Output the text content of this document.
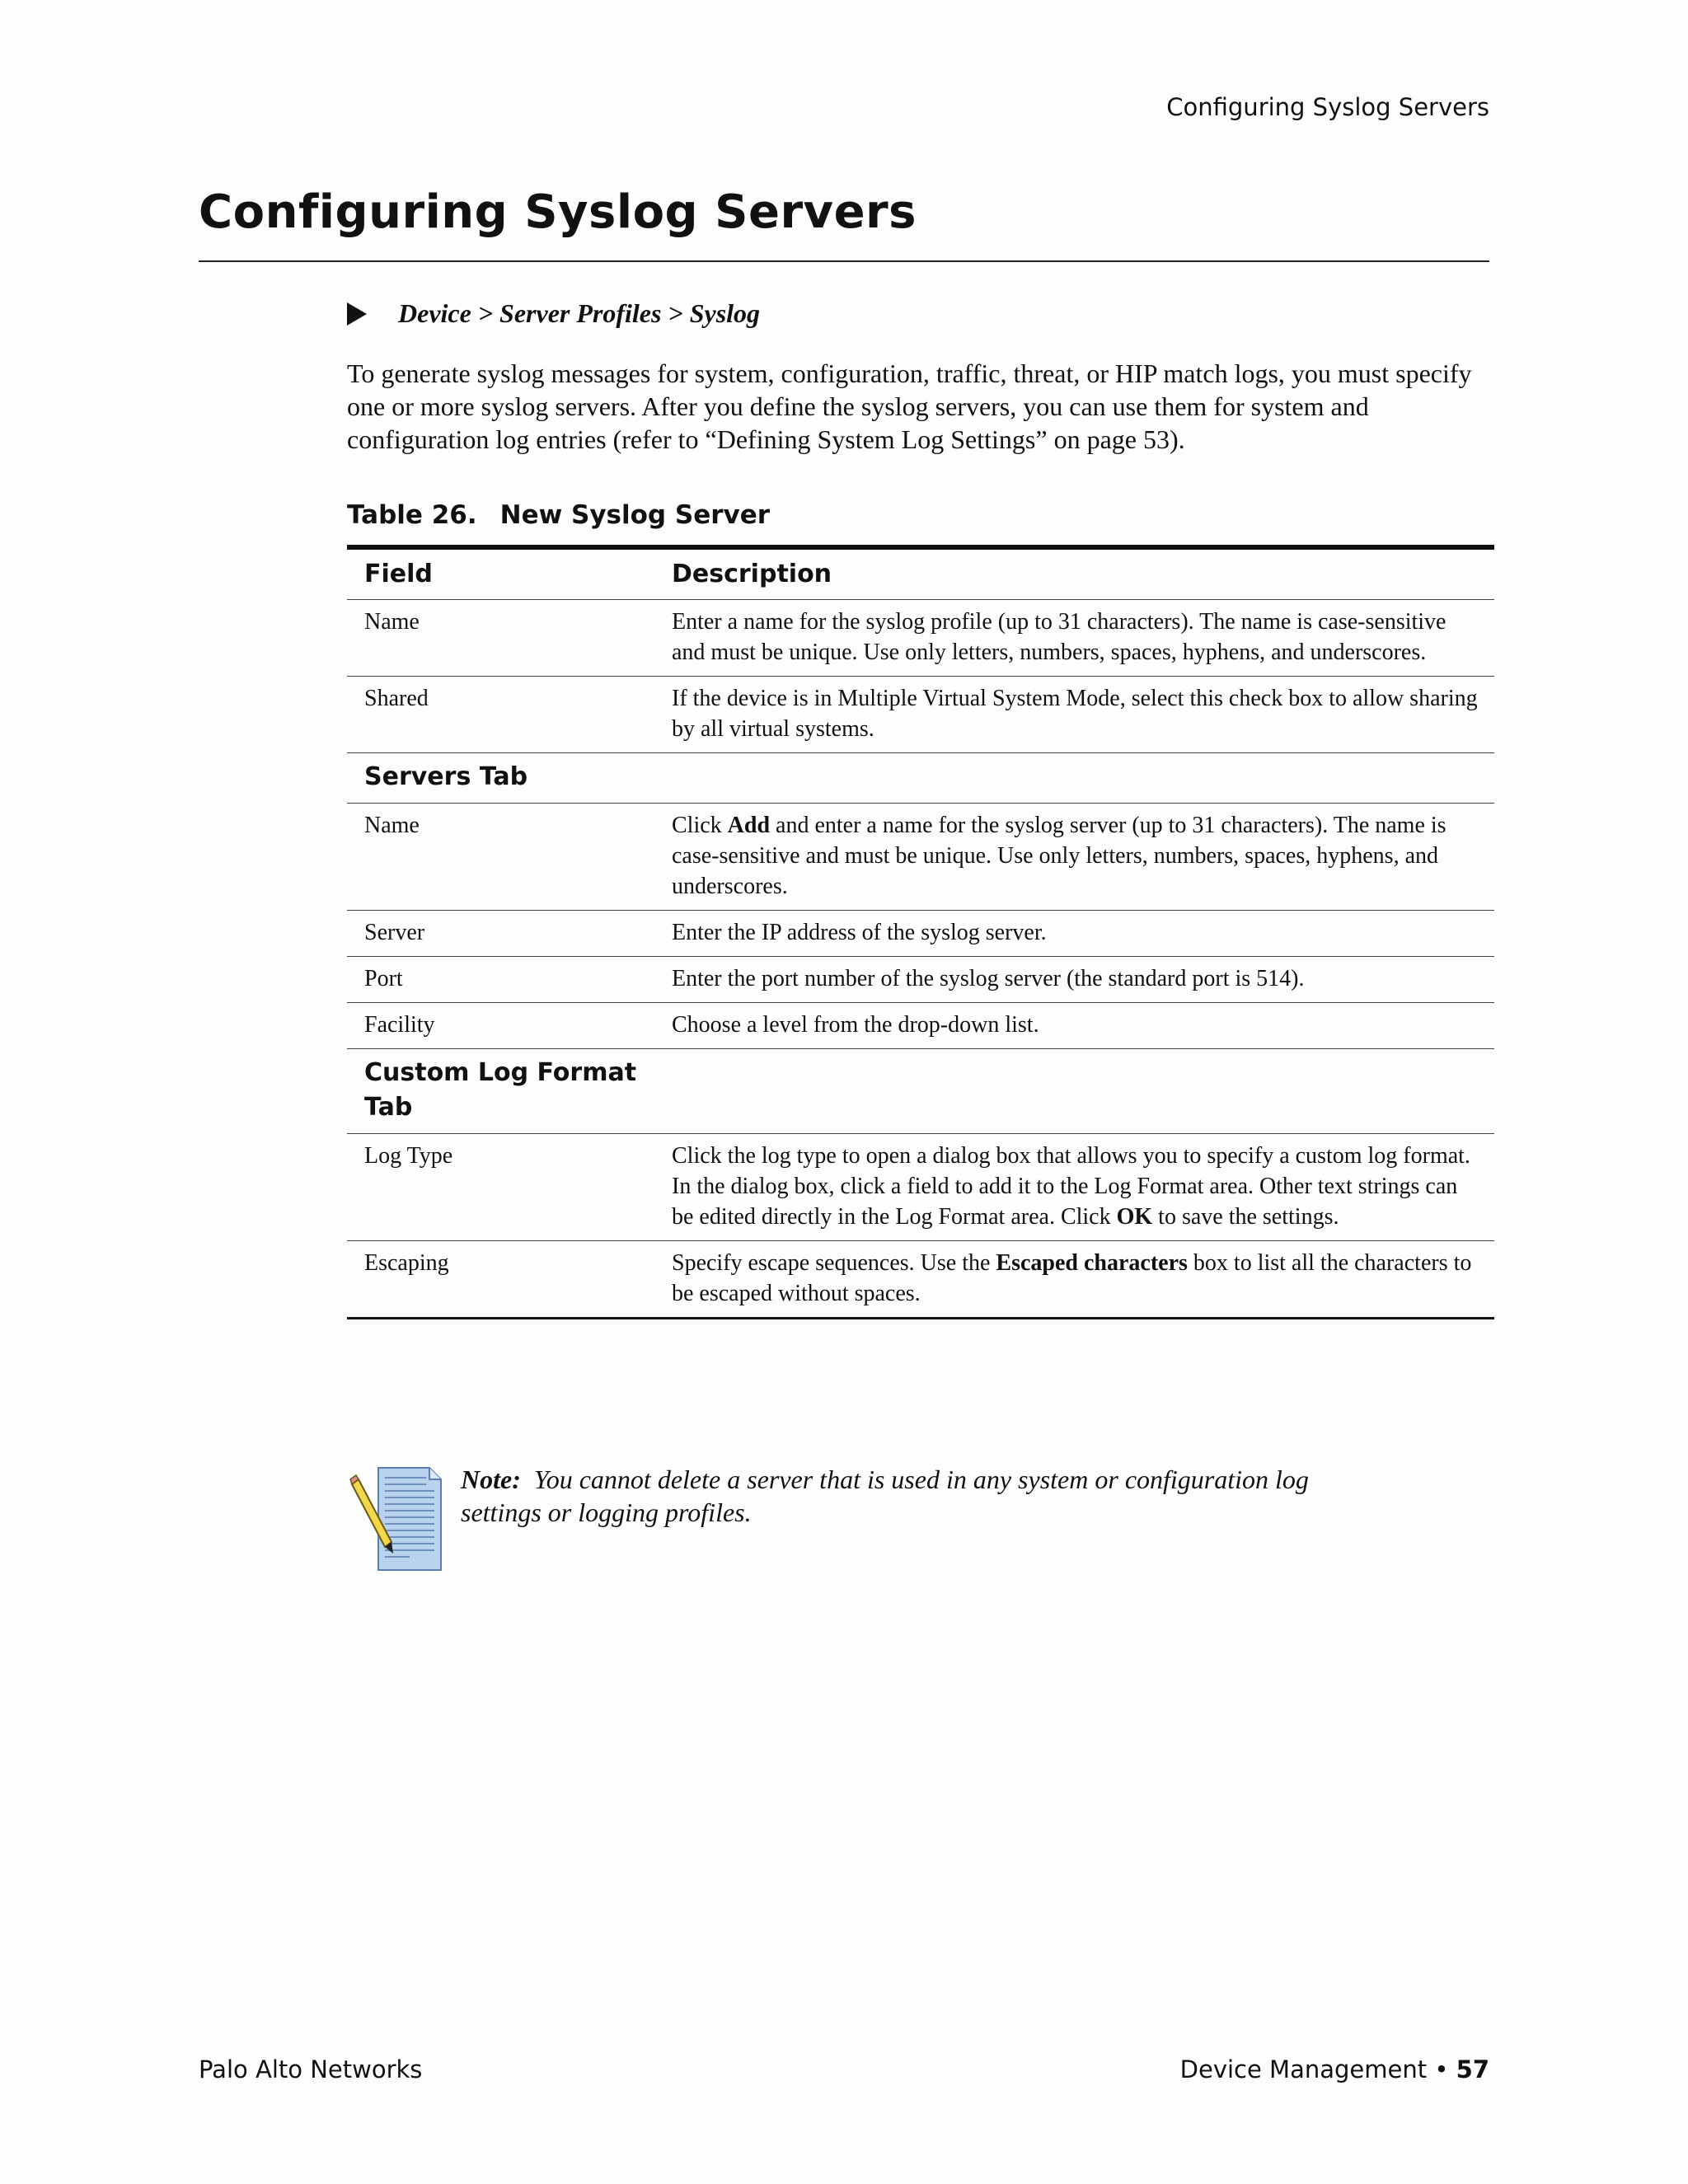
Configuring Syslog Servers
Configuring Syslog Servers
Device > Server Profiles > Syslog

To generate syslog messages for system, configuration, traffic, threat, or HIP match logs, you must specify one or more syslog servers. After you define the syslog servers, you can use them for system and configuration log entries (refer to “Defining System Log Settings” on page 53).

Table 26. New Syslog Server
Field	Description
Name	Enter a name for the syslog profile (up to 31 characters). The name is case-sensitive and must be unique. Use only letters, numbers, spaces, hyphens, and underscores.
Shared	If the device is in Multiple Virtual System Mode, select this check box to allow sharing by all virtual systems.
Servers Tab	
Name	Click Add and enter a name for the syslog server (up to 31 characters). The name is case-sensitive and must be unique. Use only letters, numbers, spaces, hyphens, and underscores.
Server	Enter the IP address of the syslog server.
Port	Enter the port number of the syslog server (the standard port is 514).
Facility	Choose a level from the drop-down list.
Custom Log Format Tab	
Log Type	Click the log type to open a dialog box that allows you to specify a custom log format. In the dialog box, click a field to add it to the Log Format area. Other text strings can be edited directly in the Log Format area. Click OK to save the settings.
Escaping	Specify escape sequences. Use the Escaped characters box to list all the characters to be escaped without spaces.
Note: You cannot delete a server that is used in any system or configuration log settings or logging profiles.
Palo Alto Networks	Device Management • 57
